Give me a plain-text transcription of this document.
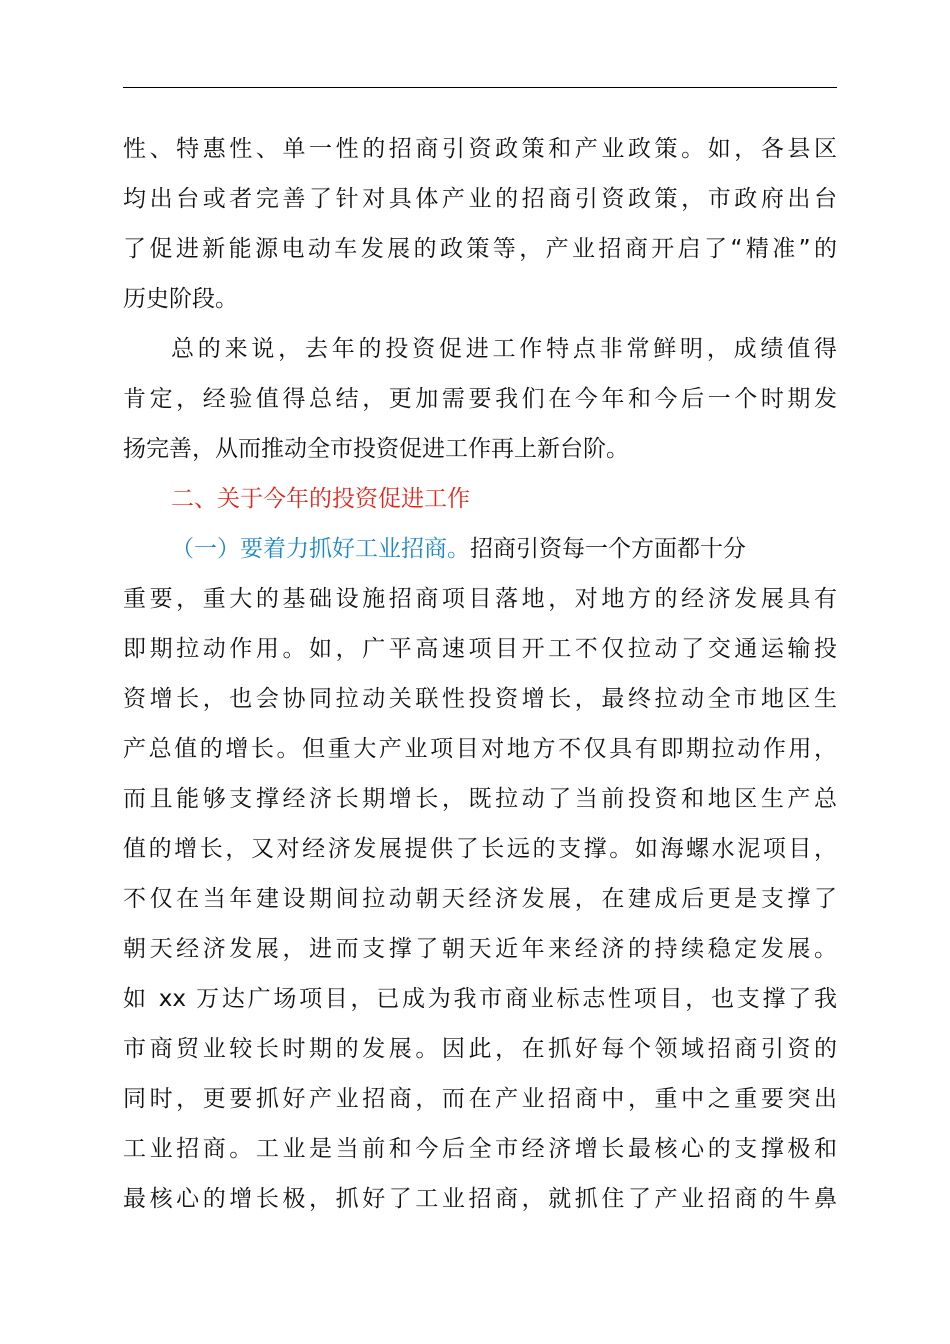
性、特惠性、单一性的招商引资政策和产业政策。如，各县区
均出台或者完善了针对具体产业的招商引资政策，市政府出台
了促进新能源电动车发展的政策等，产业招商开启了“精准”的
历史阶段。
总的来说，去年的投资促进工作特点非常鲜明，成绩值得
肯定，经验值得总结，更加需要我们在今年和今后一个时期发
扬完善，从而推动全市投资促进工作再上新台阶。
二、关于今年的投资促进工作
（一）要着力抓好工业招商。招商引资每一个方面都十分
重要，重大的基础设施招商项目落地，对地方的经济发展具有
即期拉动作用。如，广平高速项目开工不仅拉动了交通运输投
资增长，也会协同拉动关联性投资增长，最终拉动全市地区生
产总值的增长。但重大产业项目对地方不仅具有即期拉动作用，
而且能够支撑经济长期增长，既拉动了当前投资和地区生产总
值的增长，又对经济发展提供了长远的支撑。如海螺水泥项目，
不仅在当年建设期间拉动朝天经济发展，在建成后更是支撑了
朝天经济发展，进而支撑了朝天近年来经济的持续稳定发展。
如 xx 万达广场项目，已成为我市商业标志性项目，也支撑了我
市商贸业较长时期的发展。因此，在抓好每个领域招商引资的
同时，更要抓好产业招商，而在产业招商中，重中之重要突出
工业招商。工业是当前和今后全市经济增长最核心的支撑极和
最核心的增长极，抓好了工业招商，就抓住了产业招商的牛鼻
